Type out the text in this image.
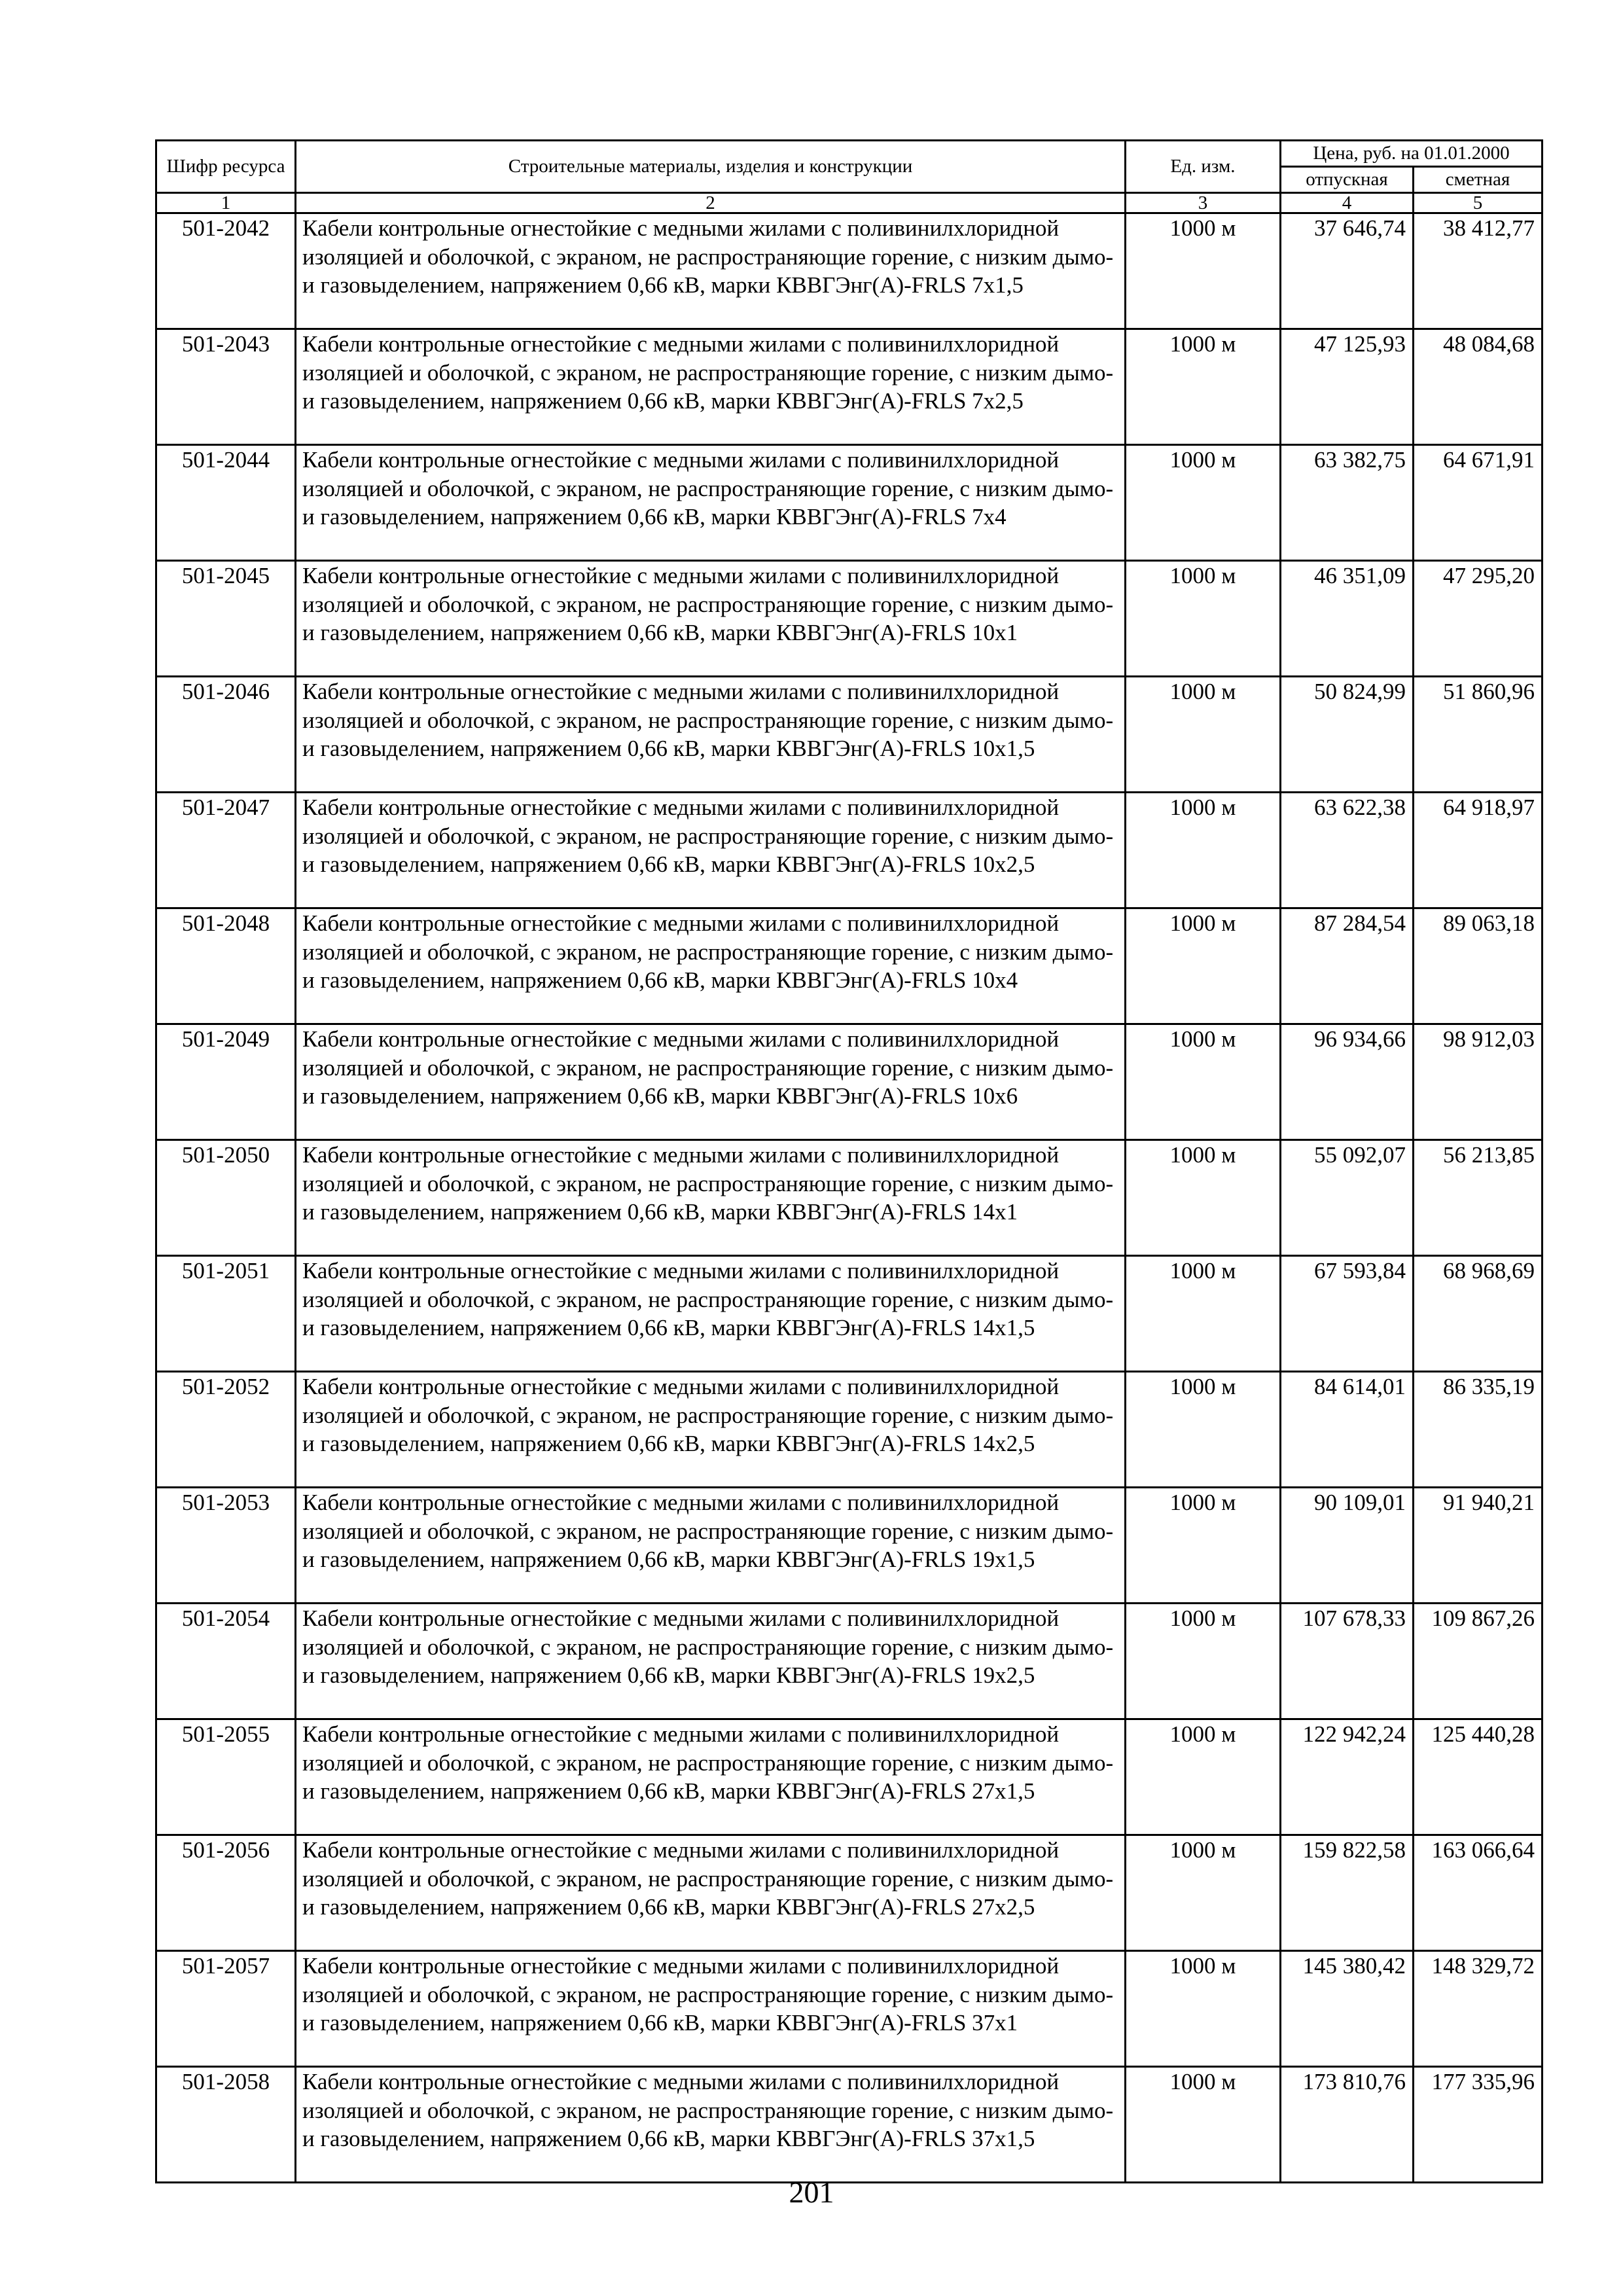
Шифр ресурса	Строительные материалы, изделия и конструкции	Ед. изм.	Цена, руб. на 01.01.2000	
			отпускная	сметная
1	2	3	4	5
501-2042	Кабели контрольные огнестойкие с медными жилами с поливинилхлоридной изоляцией и оболочкой, с экраном, не распространяющие горение, с низким дымо- и газовыделением, напряжением 0,66 кВ, марки КВВГЭнг(А)-FRLS 7х1,5	1000 м	37 646,74	38 412,77
501-2043	Кабели контрольные огнестойкие с медными жилами с поливинилхлоридной изоляцией и оболочкой, с экраном, не распространяющие горение, с низким дымо- и газовыделением, напряжением 0,66 кВ, марки КВВГЭнг(А)-FRLS 7х2,5	1000 м	47 125,93	48 084,68
501-2044	Кабели контрольные огнестойкие с медными жилами с поливинилхлоридной изоляцией и оболочкой, с экраном, не распространяющие горение, с низким дымо- и газовыделением, напряжением 0,66 кВ, марки КВВГЭнг(А)-FRLS 7х4	1000 м	63 382,75	64 671,91
501-2045	Кабели контрольные огнестойкие с медными жилами с поливинилхлоридной изоляцией и оболочкой, с экраном, не распространяющие горение, с низким дымо- и газовыделением, напряжением 0,66 кВ, марки КВВГЭнг(А)-FRLS 10х1	1000 м	46 351,09	47 295,20
501-2046	Кабели контрольные огнестойкие с медными жилами с поливинилхлоридной изоляцией и оболочкой, с экраном, не распространяющие горение, с низким дымо- и газовыделением, напряжением 0,66 кВ, марки КВВГЭнг(А)-FRLS 10х1,5	1000 м	50 824,99	51 860,96
501-2047	Кабели контрольные огнестойкие с медными жилами с поливинилхлоридной изоляцией и оболочкой, с экраном, не распространяющие горение, с низким дымо- и газовыделением, напряжением 0,66 кВ, марки КВВГЭнг(А)-FRLS 10х2,5	1000 м	63 622,38	64 918,97
501-2048	Кабели контрольные огнестойкие с медными жилами с поливинилхлоридной изоляцией и оболочкой, с экраном, не распространяющие горение, с низким дымо- и газовыделением, напряжением 0,66 кВ, марки КВВГЭнг(А)-FRLS 10х4	1000 м	87 284,54	89 063,18
501-2049	Кабели контрольные огнестойкие с медными жилами с поливинилхлоридной изоляцией и оболочкой, с экраном, не распространяющие горение, с низким дымо- и газовыделением, напряжением 0,66 кВ, марки КВВГЭнг(А)-FRLS 10х6	1000 м	96 934,66	98 912,03
501-2050	Кабели контрольные огнестойкие с медными жилами с поливинилхлоридной изоляцией и оболочкой, с экраном, не распространяющие горение, с низким дымо- и газовыделением, напряжением 0,66 кВ, марки КВВГЭнг(А)-FRLS 14х1	1000 м	55 092,07	56 213,85
501-2051	Кабели контрольные огнестойкие с медными жилами с поливинилхлоридной изоляцией и оболочкой, с экраном, не распространяющие горение, с низким дымо- и газовыделением, напряжением 0,66 кВ, марки КВВГЭнг(А)-FRLS 14х1,5	1000 м	67 593,84	68 968,69
501-2052	Кабели контрольные огнестойкие с медными жилами с поливинилхлоридной изоляцией и оболочкой, с экраном, не распространяющие горение, с низким дымо- и газовыделением, напряжением 0,66 кВ, марки КВВГЭнг(А)-FRLS 14х2,5	1000 м	84 614,01	86 335,19
501-2053	Кабели контрольные огнестойкие с медными жилами с поливинилхлоридной изоляцией и оболочкой, с экраном, не распространяющие горение, с низким дымо- и газовыделением, напряжением 0,66 кВ, марки КВВГЭнг(А)-FRLS 19х1,5	1000 м	90 109,01	91 940,21
501-2054	Кабели контрольные огнестойкие с медными жилами с поливинилхлоридной изоляцией и оболочкой, с экраном, не распространяющие горение, с низким дымо- и газовыделением, напряжением 0,66 кВ, марки КВВГЭнг(А)-FRLS 19х2,5	1000 м	107 678,33	109 867,26
501-2055	Кабели контрольные огнестойкие с медными жилами с поливинилхлоридной изоляцией и оболочкой, с экраном, не распространяющие горение, с низким дымо- и газовыделением, напряжением 0,66 кВ, марки КВВГЭнг(А)-FRLS 27х1,5	1000 м	122 942,24	125 440,28
501-2056	Кабели контрольные огнестойкие с медными жилами с поливинилхлоридной изоляцией и оболочкой, с экраном, не распространяющие горение, с низким дымо- и газовыделением, напряжением 0,66 кВ, марки КВВГЭнг(А)-FRLS 27х2,5	1000 м	159 822,58	163 066,64
501-2057	Кабели контрольные огнестойкие с медными жилами с поливинилхлоридной изоляцией и оболочкой, с экраном, не распространяющие горение, с низким дымо- и газовыделением, напряжением 0,66 кВ, марки КВВГЭнг(А)-FRLS 37х1	1000 м	145 380,42	148 329,72
501-2058	Кабели контрольные огнестойкие с медными жилами с поливинилхлоридной изоляцией и оболочкой, с экраном, не распространяющие горение, с низким дымо- и газовыделением, напряжением 0,66 кВ, марки КВВГЭнг(А)-FRLS 37х1,5	1000 м	173 810,76	177 335,96
201
